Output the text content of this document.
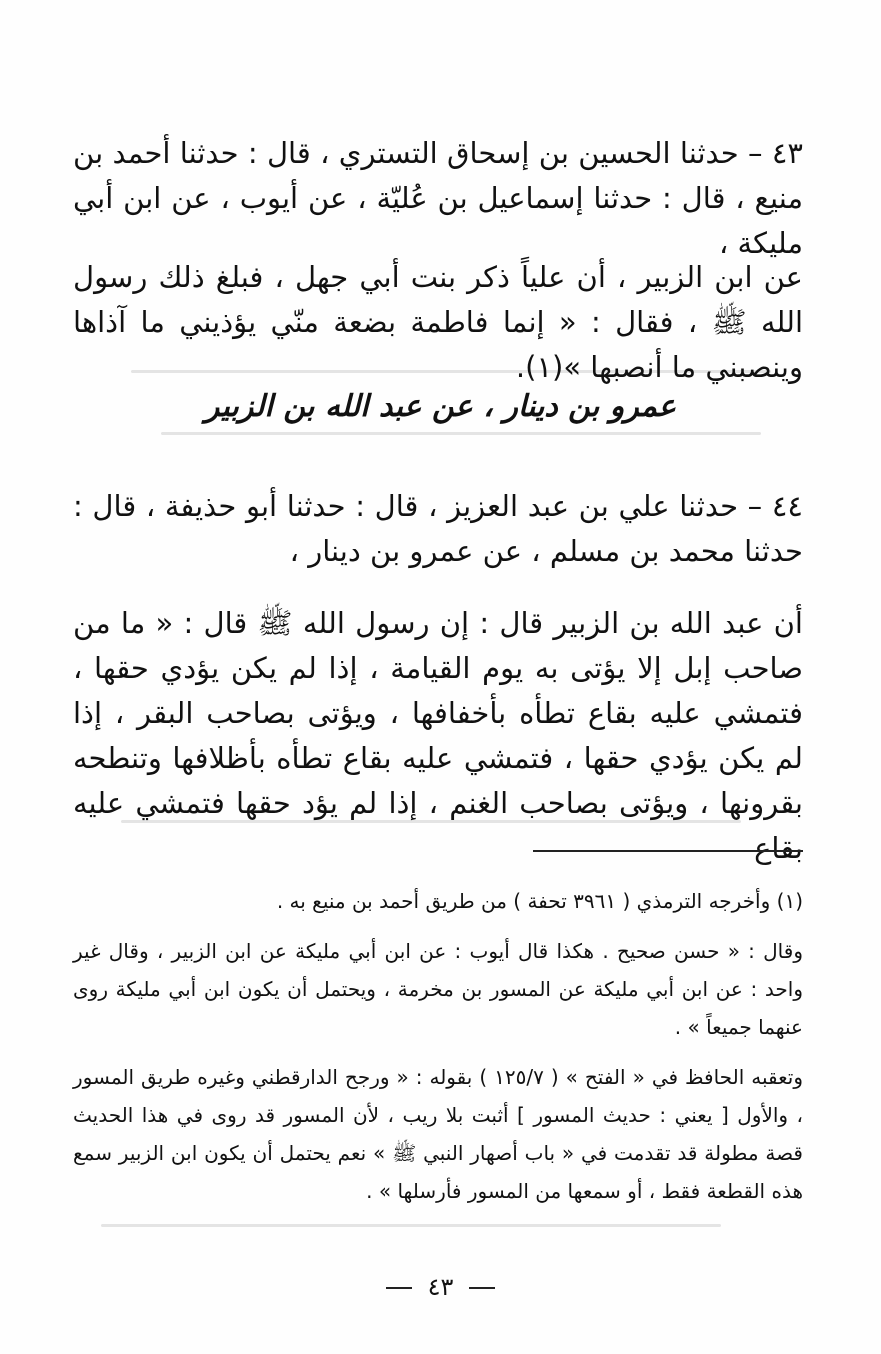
٤٣ – حدثنا الحسين بن إسحاق التستري ، قال : حدثنا أحمد بن منيع ، قال : حدثنا إسماعيل بن عُليّة ، عن أيوب ، عن ابن أبي مليكة ،

عن ابن الزبير ، أن علياً ذكر بنت أبي جهل ، فبلغ ذلك رسول الله ﷺ ، فقال : « إنما فاطمة بضعة منّي يؤذيني ما آذاها وينصبني ما أنصبها »(١).

عمرو بن دينار ، عن عبد الله بن الزبير

٤٤ – حدثنا علي بن عبد العزيز ، قال : حدثنا أبو حذيفة ، قال : حدثنا محمد بن مسلم ، عن عمرو بن دينار ،

أن عبد الله بن الزبير قال : إن رسول الله ﷺ قال : « ما من صاحب إبل إلا يؤتى به يوم القيامة ، إذا لم يكن يؤدي حقها ، فتمشي عليه بقاع تطأه بأخفافها ، ويؤتى بصاحب البقر ، إذا لم يكن يؤدي حقها ، فتمشي عليه بقاع تطأه بأظلافها وتنطحه بقرونها ، ويؤتى بصاحب الغنم ، إذا لم يؤد حقها فتمشي عليه بقاع

(١) وأخرجه الترمذي ( ٣٩٦١ تحفة ) من طريق أحمد بن منيع به .

وقال : « حسن صحيح . هكذا قال أيوب : عن ابن أبي مليكة عن ابن الزبير ، وقال غير واحد : عن ابن أبي مليكة عن المسور بن مخرمة ، ويحتمل أن يكون ابن أبي مليكة روى عنهما جميعاً » .

وتعقبه الحافظ في « الفتح » ( ١٢٥/٧ ) بقوله : « ورجح الدارقطني وغيره طريق المسور ، والأول [ يعني : حديث المسور ] أثبت بلا ريب ، لأن المسور قد روى في هذا الحديث قصة مطولة قد تقدمت في « باب أصهار النبي ﷺ » نعم يحتمل أن يكون ابن الزبير سمع هذه القطعة فقط ، أو سمعها من المسور فأرسلها » .

٤٣
